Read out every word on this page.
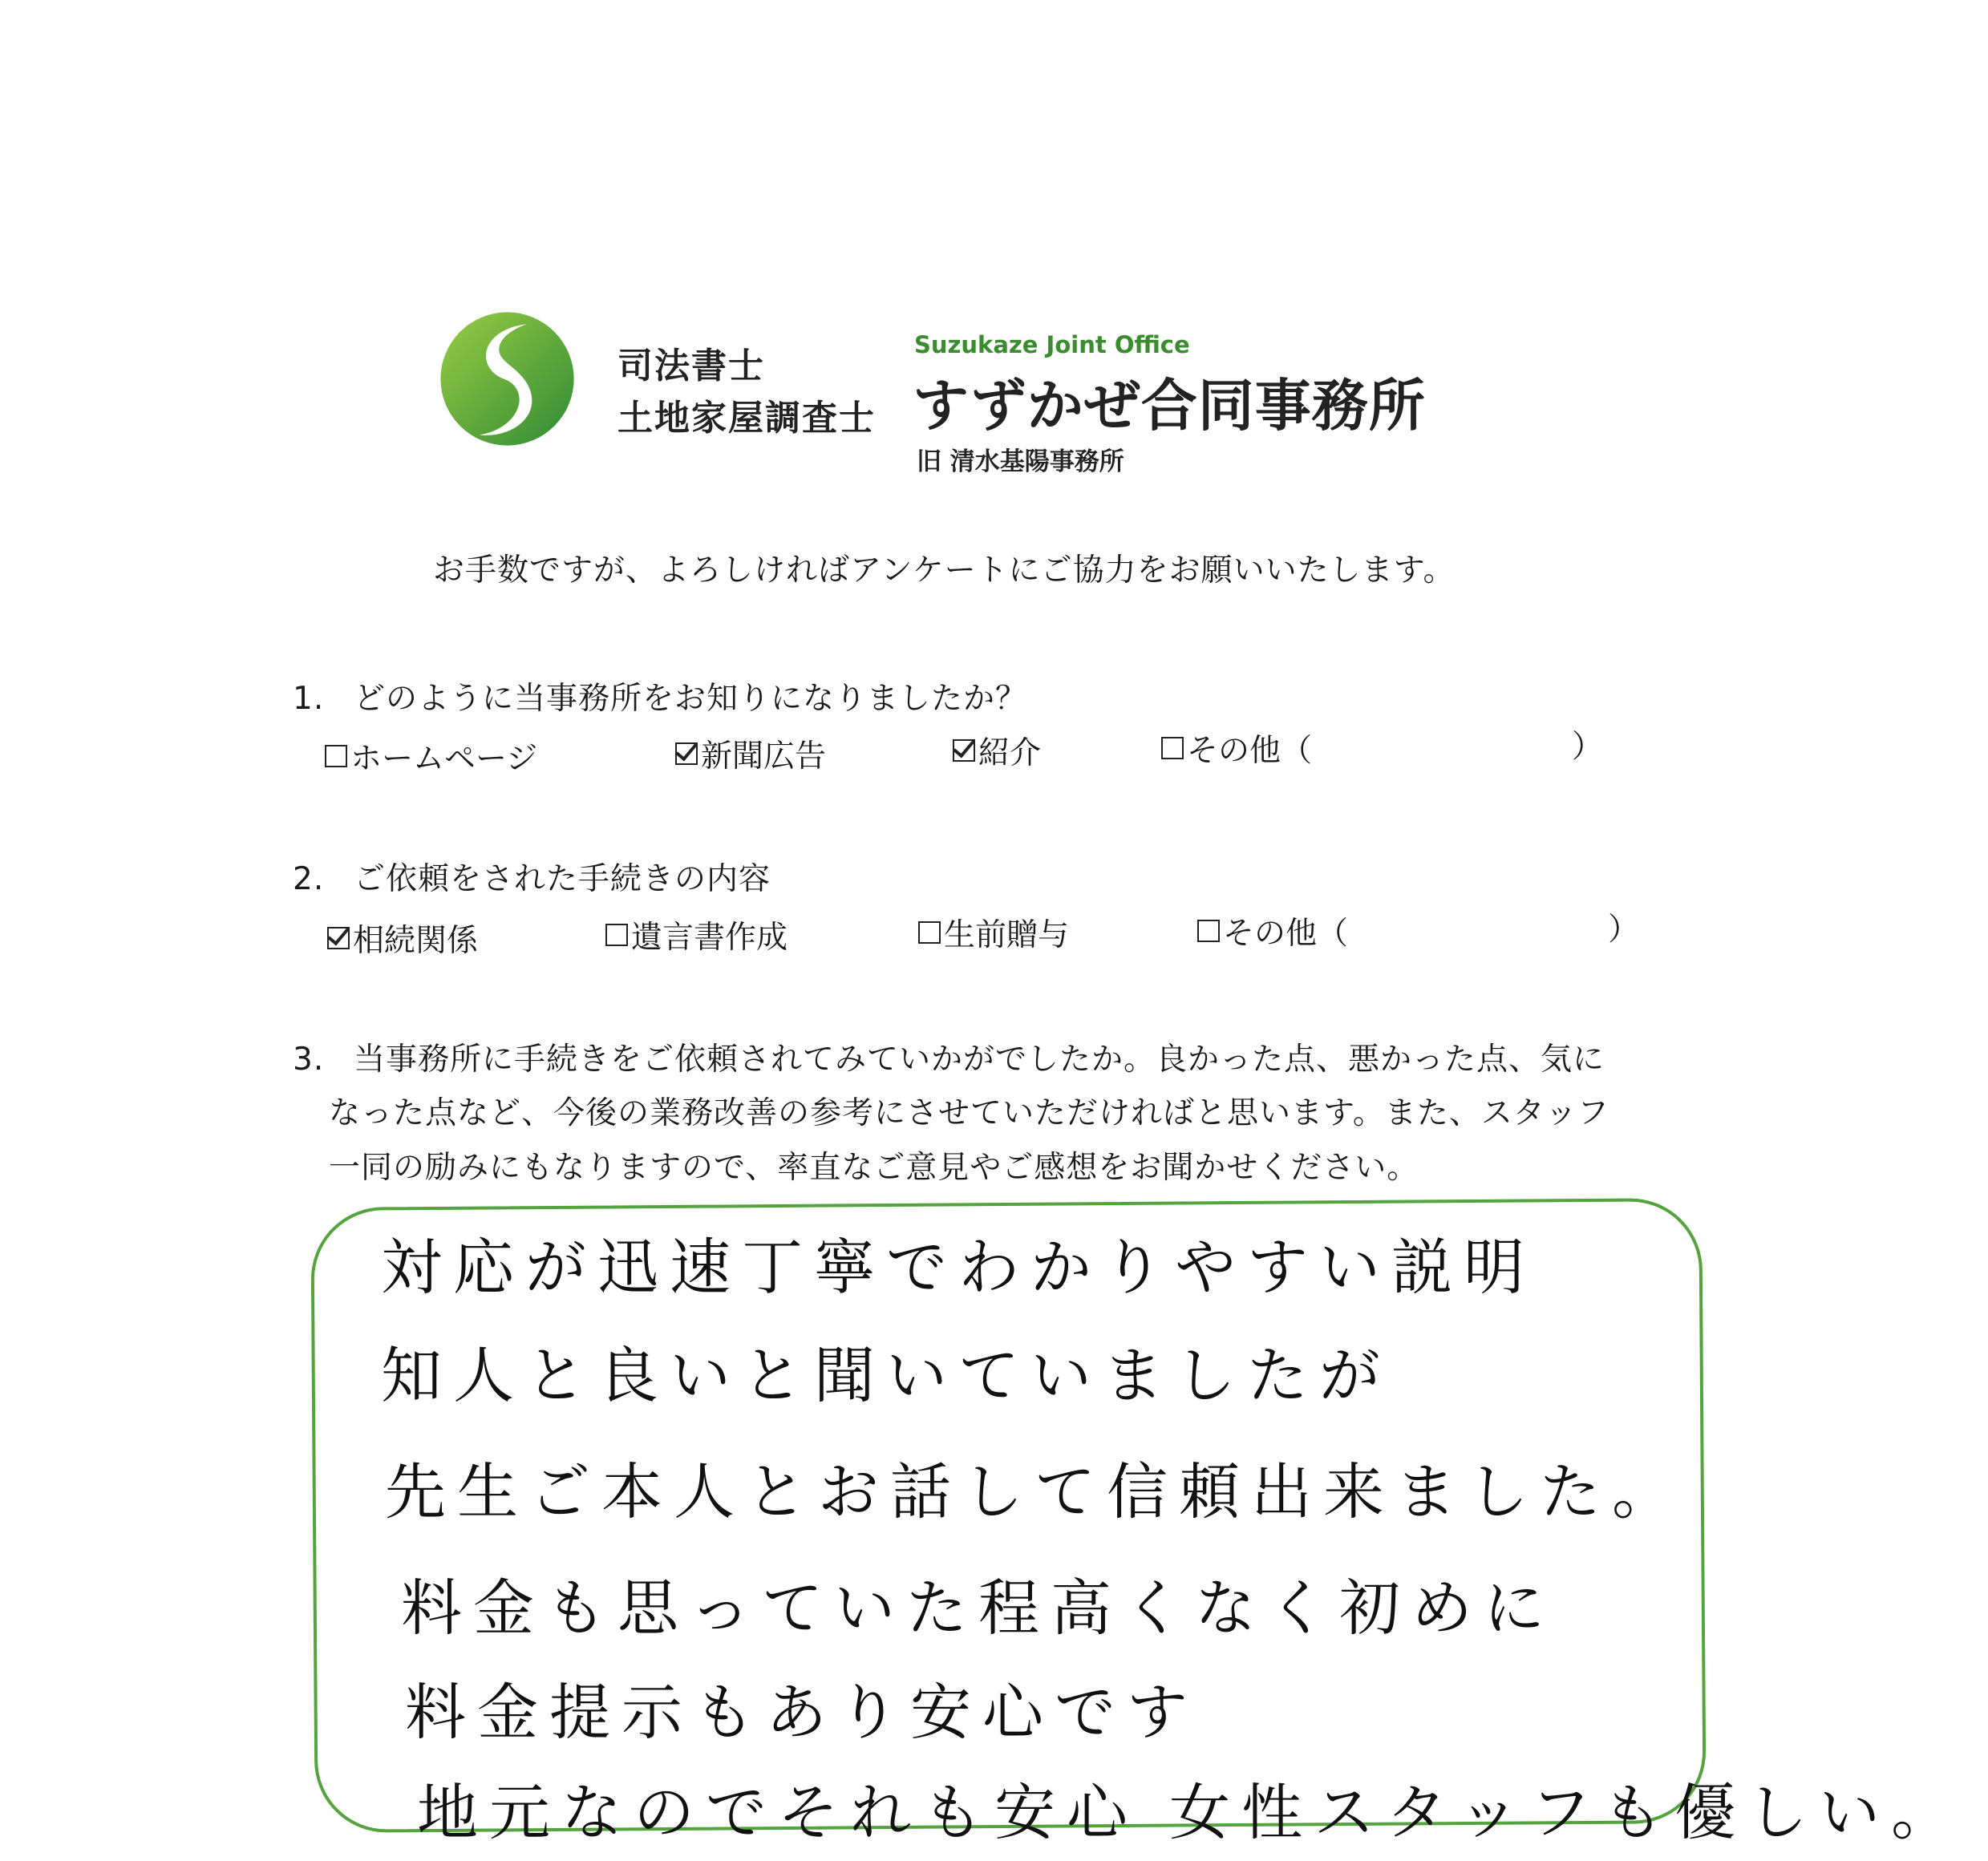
司法書士
土地家屋調査士
Suzukaze Joint Office
すずかぜ合同事務所
旧 清水基陽事務所
お手数ですが、よろしければアンケートにご協力をお願いいたします。
1. どのように当事務所をお知りになりましたか？
ホームページ	新聞広告	紹介	その他（	）
2. ご依頼をされた手続きの内容
相続関係	遺言書作成	生前贈与	その他（	）
3. 当事務所に手続きをご依頼されてみていかがでしたか。良かった点、悪かった点、気に
なった点など、今後の業務改善の参考にさせていただければと思います。また、スタッフ
一同の励みにもなりますので、率直なご意見やご感想をお聞かせください。
対応が迅速丁寧でわかりやすい説明
知人と良いと聞いていましたが
先生ご本人とお話して信頼出来ました。
料金も思っていた程高くなく初めに
料金提示もあり安心です
地元なのでそれも安心 女性スタッフも優しい。
